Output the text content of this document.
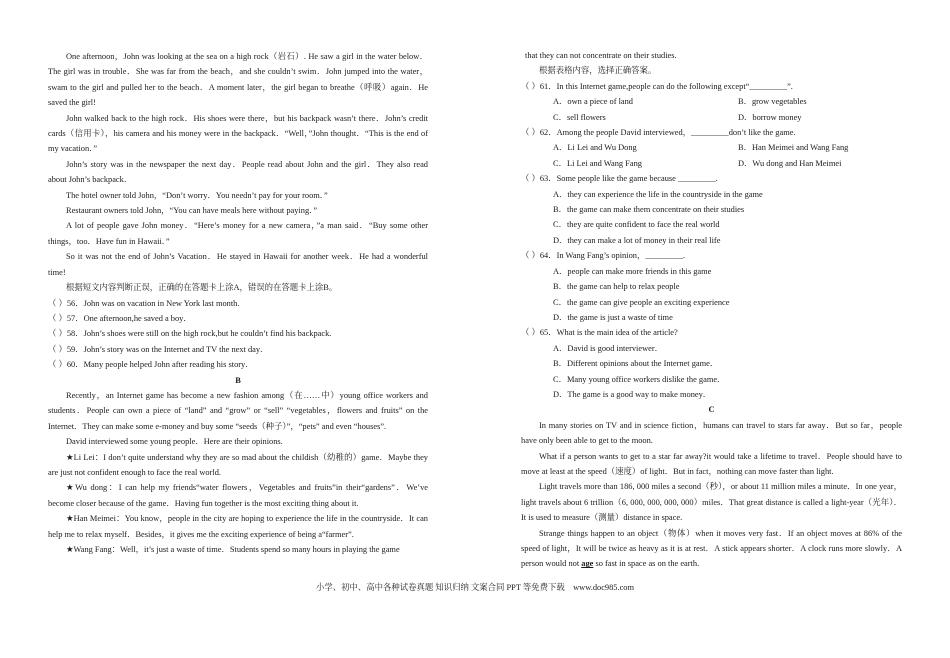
One afternoon，John was looking at the sea on a high rock（岩石）. He saw a girl in the water below．The girl was in trouble．She was far from the beach，and she couldn’t swim．John jumped into the water，swam to the girl and pulled her to the beach．A moment later，the girl began to breathe（呼吸）again．He saved the girl!

John walked back to the high rock．His shoes were there，but his backpack wasn’t there．John’s credit cards（信用卡），his camera and his money were in the backpack．“Well，”John thought．“This is the end of my vacation．”

John’s story was in the newspaper the next day．People read about John and the girl．They also read about John’s backpack．

The hotel owner told John，“Don’t worry．You needn’t pay for your room．”

Restaurant owners told John，“You can have meals here without paying．”

A lot of people gave John money．“Here’s money for a new camera，”a man said．“Buy some other things，too．Have fun in Hawaii．”

So it was not the end of John’s Vacation．He stayed in Hawaii for another week．He had a wonderful time!

根据短文内容判断正误，正确的在答题卡上涂A，错误的在答题卡上涂B。

（ ）56．John was on vacation in New York last month.

（ ）57．One afternoon,he saved a boy．

（ ）58．John’s shoes were still on the high rock,but he couldn’t find his backpack.

（ ）59．John’s story was on the Internet and TV the next day．

（ ）60．Many people helped John after reading his story．

B

Recently，an Internet game has become a new fashion among（在……中）young office workers and students．People can own a piece of “land” and “grow” or “sell” “vegetables，flowers and fruits” on the Internet．They can make some e-money and buy some “seeds（种子）”，“pets” and even “houses”.

David interviewed some young people．Here are their opinions.

★Li Lei：I don’t quite understand why they are so mad about the childish（幼稚的）game．Maybe they are just not confident enough to face the real world.

★Wu dong：I can help my friends“water flowers，Vegetables and fruits”in their“gardens”．We’ve become closer because of the game．Having fun together is the most exciting thing about it.

★Han Meimei：You know，people in the city are hoping to experience the life in the countryside．It can help me to relax myself．Besides，it gives me the exciting experience of being a“farmer”.

★Wang Fang：Well，it’s just a waste of time．Students spend so many hours in playing the game

that they can not concentrate on their studies.

根据表格内容，选择正确答案。

（ ）61．In this Internet game,people can do the following except“_________”.

A．own a piece of land	B．grow vegetables
C．sell flowers	D．borrow money

（ ）62．Among the people David interviewed，_________don’t like the game.

A．Li Lei and Wu Dong	B．Han Meimei and Wang Fang
C．Li Lei and Wang Fang	D．Wu dong and Han Meimei

（ ）63．Some people like the game because _________.

A．they can experience the life in the countryside in the game

B．the game can make them concentrate on their studies

C．they are quite confident to face the real world

D．they can make a lot of money in their real life

（ ）64．In Wang Fang’s opinion，_________.

A．people can make more friends in this game

B．the game can help to relax people

C．the game can give people an exciting experience

D．the game is just a waste of time

（ ）65．What is the main idea of the article?

A．David is good interviewer．

B．Different opinions about the Internet game．

C．Many young office workers dislike the game．

D．The game is a good way to make money．

C

In many stories on TV and in science fiction，humans can travel to stars far away．But so far，people have only been able to get to the moon.

What if a person wants to get to a star far away?it would take a lifetime to travel．People should have to move at least at the speed（速度）of light．But in fact，nothing can move faster than light.

Light travels more than 186, 000 miles a second（秒），or about 11 million miles a minute．In one year，light travels about 6 trillion（6, 000, 000, 000, 000）miles．That great distance is called a light-year（光年）．It is used to measure（测量）distance in space.

Strange things happen to an object（物体）when it moves very fast．If an object moves at 86% of the speed of light，It will be twice as heavy as it is at rest．A stick appears shorter．A clock runs more slowly．A person would not age so fast in space as on the earth.

小学、初中、高中各种试卷真题 知识归纳 文案合同 PPT 等免费下载　www.doc985.com
